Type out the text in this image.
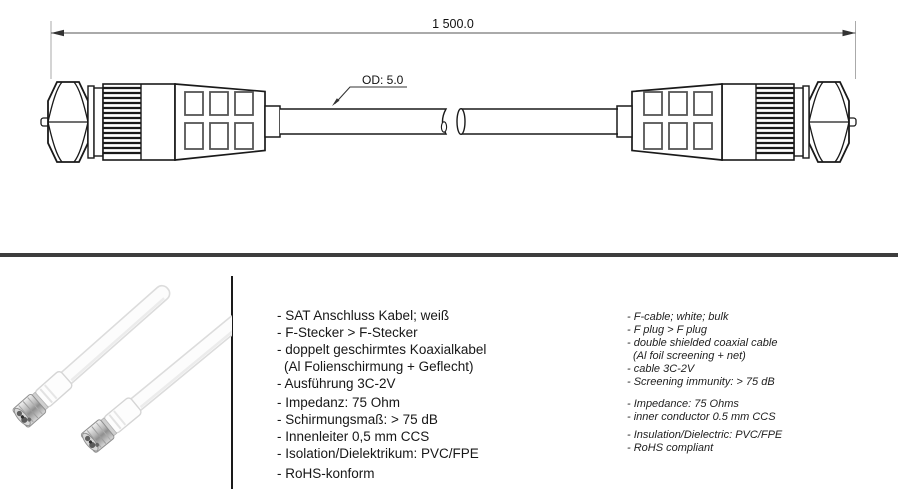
1 500.0
OD: 5.0
- SAT Anschluss Kabel; weiß
- F-Stecker > F-Stecker
- doppelt geschirmtes Koaxialkabel
(Al Folienschirmung + Geflecht)
- Ausführung 3C-2V
- Impedanz: 75 Ohm
- Schirmungsmaß: > 75 dB
- Innenleiter 0,5 mm CCS
- Isolation/Dielektrikum: PVC/FPE
- RoHS-konform
- F-cable; white; bulk
- F plug > F plug
- double shielded coaxial cable
(Al foil screening + net)
- cable 3C-2V
- Screening immunity: > 75 dB
- Impedance: 75 Ohms
- inner conductor 0.5 mm CCS
- Insulation/Dielectric: PVC/FPE
- RoHS compliant
